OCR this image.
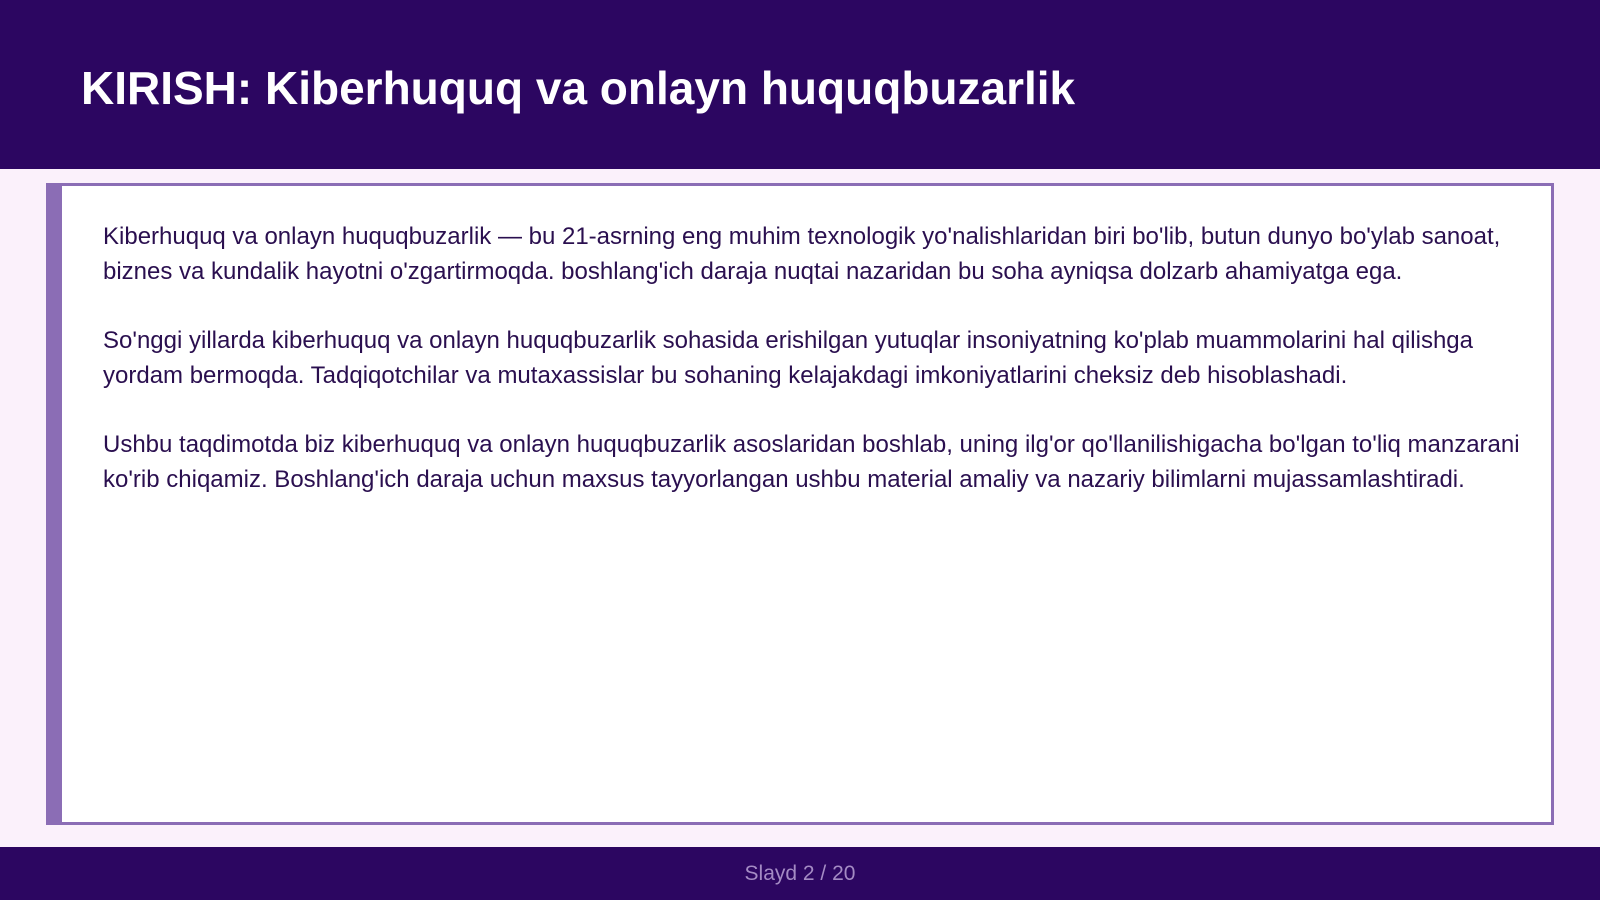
KIRISH: Kiberhuquq va onlayn huquqbuzarlik

Kiberhuquq va onlayn huquqbuzarlik — bu 21-asrning eng muhim texnologik yo'nalishlaridan biri bo'lib, butun dunyo bo'ylab sanoat, biznes va kundalik hayotni o'zgartirmoqda. boshlang'ich daraja nuqtai nazaridan bu soha ayniqsa dolzarb ahamiyatga ega.

So'nggi yillarda kiberhuquq va onlayn huquqbuzarlik sohasida erishilgan yutuqlar insoniyatning ko'plab muammolarini hal qilishga yordam bermoqda. Tadqiqotchilar va mutaxassislar bu sohaning kelajakdagi imkoniyatlarini cheksiz deb hisoblashadi.

Ushbu taqdimotda biz kiberhuquq va onlayn huquqbuzarlik asoslaridan boshlab, uning ilg'or qo'llanilishigacha bo'lgan to'liq manzarani ko'rib chiqamiz. Boshlang'ich daraja uchun maxsus tayyorlangan ushbu material amaliy va nazariy bilimlarni mujassamlashtiradi.

Slayd 2 / 20
